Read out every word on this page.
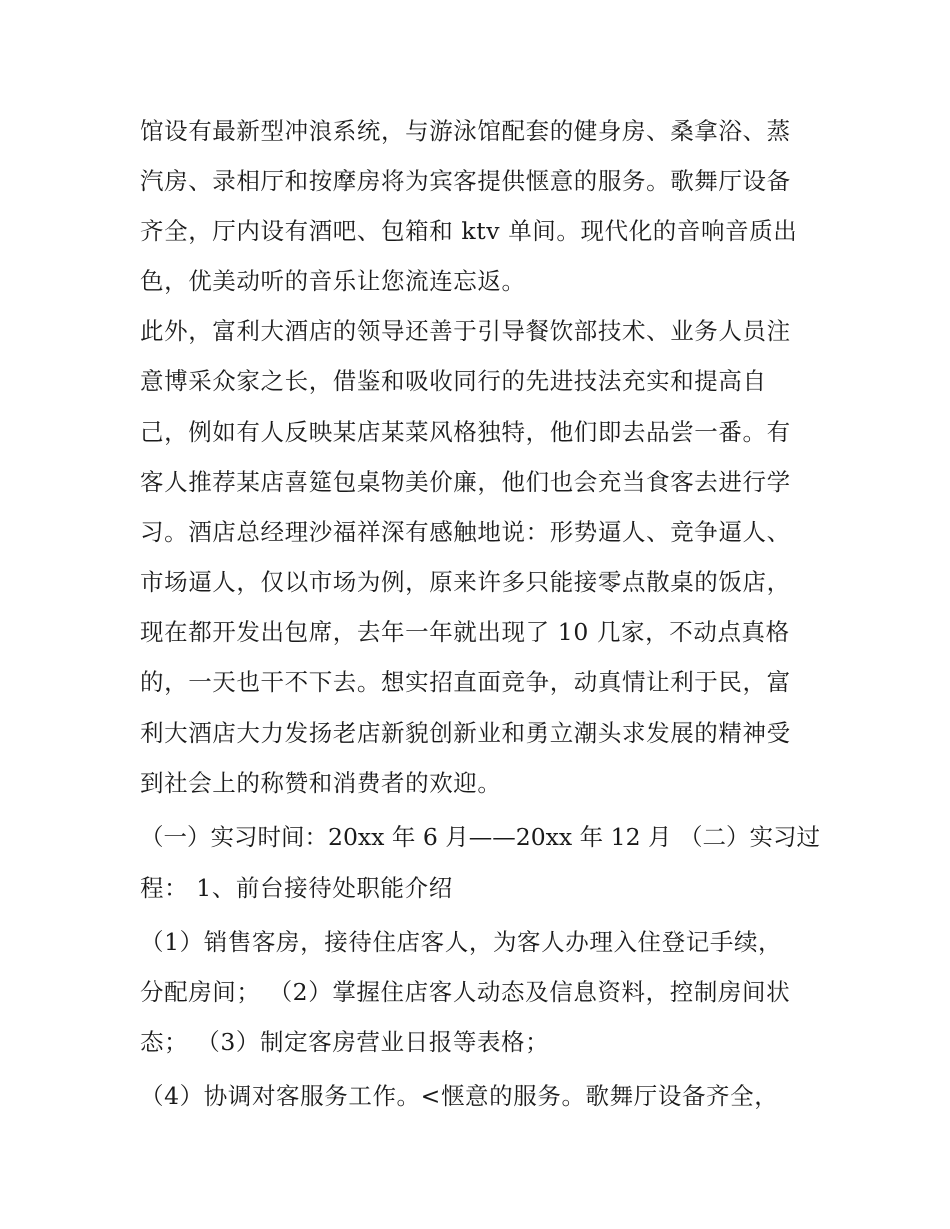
馆设有最新型冲浪系统，与游泳馆配套的健身房、桑拿浴、蒸

汽房、录相厅和按摩房将为宾客提供惬意的服务。歌舞厅设备

齐全，厅内设有酒吧、包箱和 ktv 单间。现代化的音响音质出

色，优美动听的音乐让您流连忘返。

此外，富利大酒店的领导还善于引导餐饮部技术、业务人员注

意博采众家之长，借鉴和吸收同行的先进技法充实和提高自

己，例如有人反映某店某菜风格独特，他们即去品尝一番。有

客人推荐某店喜筵包桌物美价廉，他们也会充当食客去进行学

习。酒店总经理沙福祥深有感触地说：形势逼人、竞争逼人、

市场逼人，仅以市场为例，原来许多只能接零点散桌的饭店，

现在都开发出包席，去年一年就出现了 10 几家，不动点真格

的，一天也干不下去。想实招直面竞争，动真情让利于民，富

利大酒店大力发扬老店新貌创新业和勇立潮头求发展的精神受

到社会上的称赞和消费者的欢迎。

（一）实习时间：20xx 年 6 月——20xx 年 12 月 （二）实习过

程： 1、前台接待处职能介绍

（1）销售客房，接待住店客人，为客人办理入住登记手续，

分配房间； （2）掌握住店客人动态及信息资料，控制房间状

态； （3）制定客房营业日报等表格；

（4）协调对客服务工作。<惬意的服务。歌舞厅设备齐全，
